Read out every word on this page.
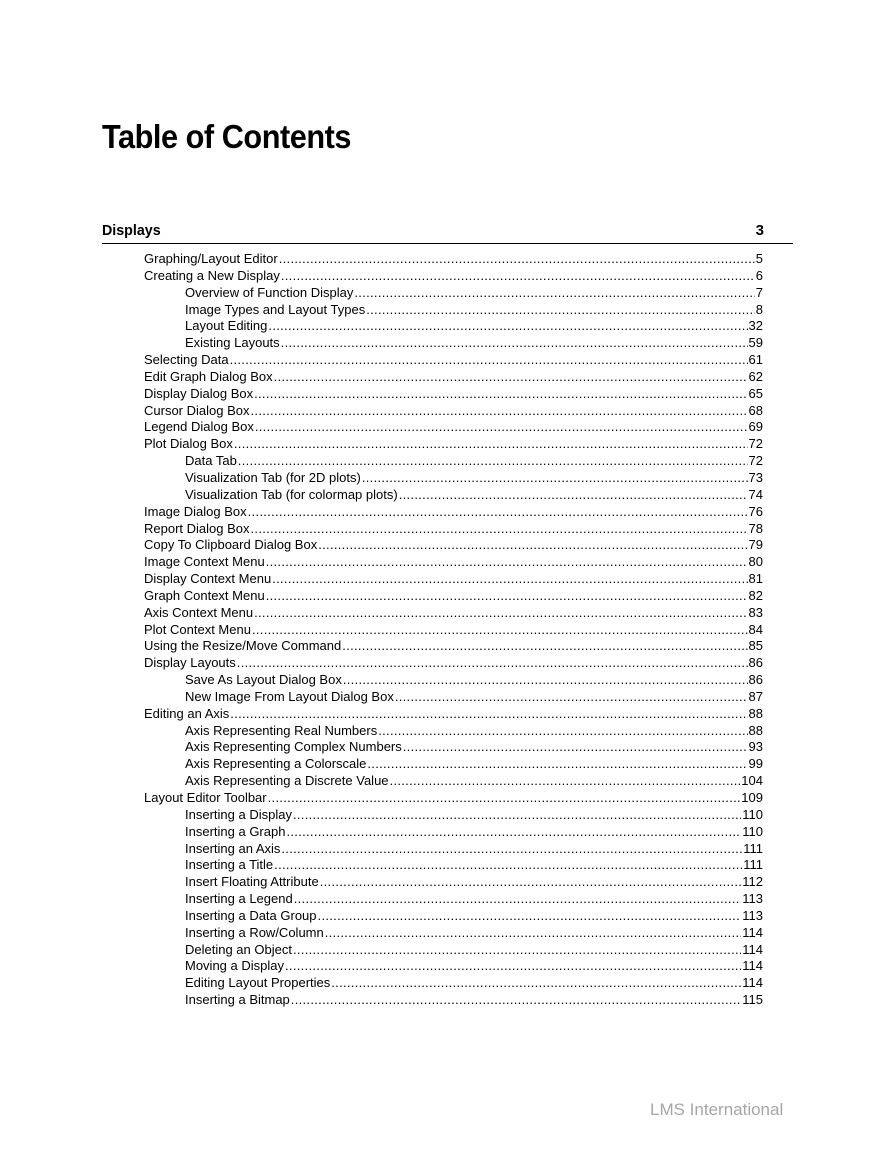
Table of Contents
Displays	3
Graphing/Layout Editor .....	5
Creating a New Display .....	6
Overview of Function Display .....	7
Image Types and Layout Types .....	8
Layout Editing .....	32
Existing Layouts .....	59
Selecting Data .....	61
Edit Graph Dialog Box .....	62
Display Dialog Box .....	65
Cursor Dialog Box .....	68
Legend Dialog Box .....	69
Plot Dialog Box .....	72
Data Tab .....	72
Visualization Tab (for 2D plots) .....	73
Visualization Tab (for colormap plots) .....	74
Image Dialog Box .....	76
Report Dialog Box .....	78
Copy To Clipboard Dialog Box .....	79
Image Context Menu .....	80
Display Context Menu .....	81
Graph Context Menu .....	82
Axis Context Menu .....	83
Plot Context Menu .....	84
Using the Resize/Move Command .....	85
Display Layouts .....	86
Save As Layout Dialog Box .....	86
New Image From Layout Dialog Box .....	87
Editing an Axis .....	88
Axis Representing Real Numbers .....	88
Axis Representing Complex Numbers .....	93
Axis Representing a Colorscale .....	99
Axis Representing a Discrete Value .....	104
Layout Editor Toolbar .....	109
Inserting a Display .....	110
Inserting a Graph .....	110
Inserting an Axis .....	111
Inserting a Title .....	111
Insert Floating Attribute .....	112
Inserting a Legend .....	113
Inserting a Data Group .....	113
Inserting a Row/Column .....	114
Deleting an Object .....	114
Moving a Display .....	114
Editing Layout Properties .....	114
Inserting a Bitmap .....	115
LMS International
